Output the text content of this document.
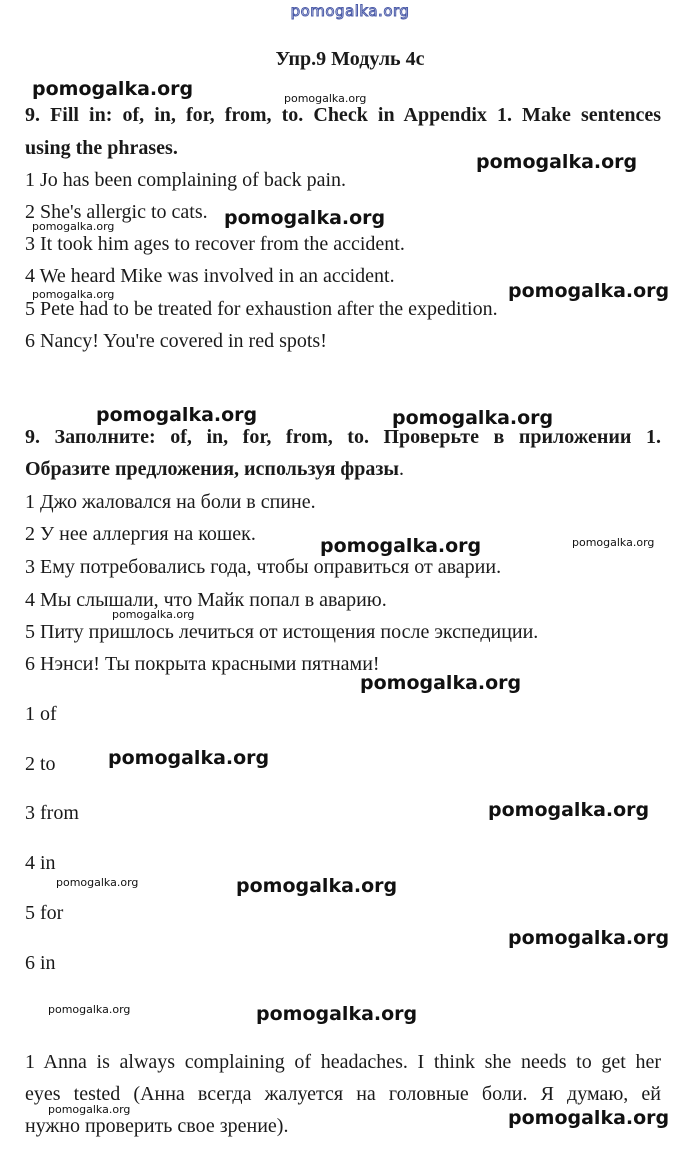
pomogalka.org
Упр.9 Модуль 4с
9. Fill in: of, in, for, from, to. Check in Appendix 1. Make sentences
using the phrases.
1 Jo has been complaining of back pain.
2 She's allergic to cats.
3 It took him ages to recover from the accident.
4 We heard Mike was involved in an accident.
5 Pete had to be treated for exhaustion after the expedition.
6 Nancy! You're covered in red spots!
9. Заполните: of, in, for, from, to. Проверьте в приложении 1.
Образите предложения, используя фразы.
1 Джо жаловался на боли в спине.
2 У нее аллергия на кошек.
3 Ему потребовались года, чтобы оправиться от аварии.
4 Мы слышали, что Майк попал в аварию.
5 Питу пришлось лечиться от истощения после экспедиции.
6 Нэнси! Ты покрыта красными пятнами!
1 of
2 to
3 from
4 in
5 for
6 in
1 Anna is always complaining of headaches. I think she needs to get her
eyes tested (Анна всегда жалуется на головные боли. Я думаю, ей
нужно проверить свое зрение).
pomogalka.org	pomogalka.org
pomogalka.org
pomogalka.org
pomogalka.org
pomogalka.org
pomogalka.org
pomogalka.org	pomogalka.org
pomogalka.org	pomogalka.org
pomogalka.org
pomogalka.org
pomogalka.org
pomogalka.org
pomogalka.org	pomogalka.org
pomogalka.org
pomogalka.org	pomogalka.org
pomogalka.org	pomogalka.org
